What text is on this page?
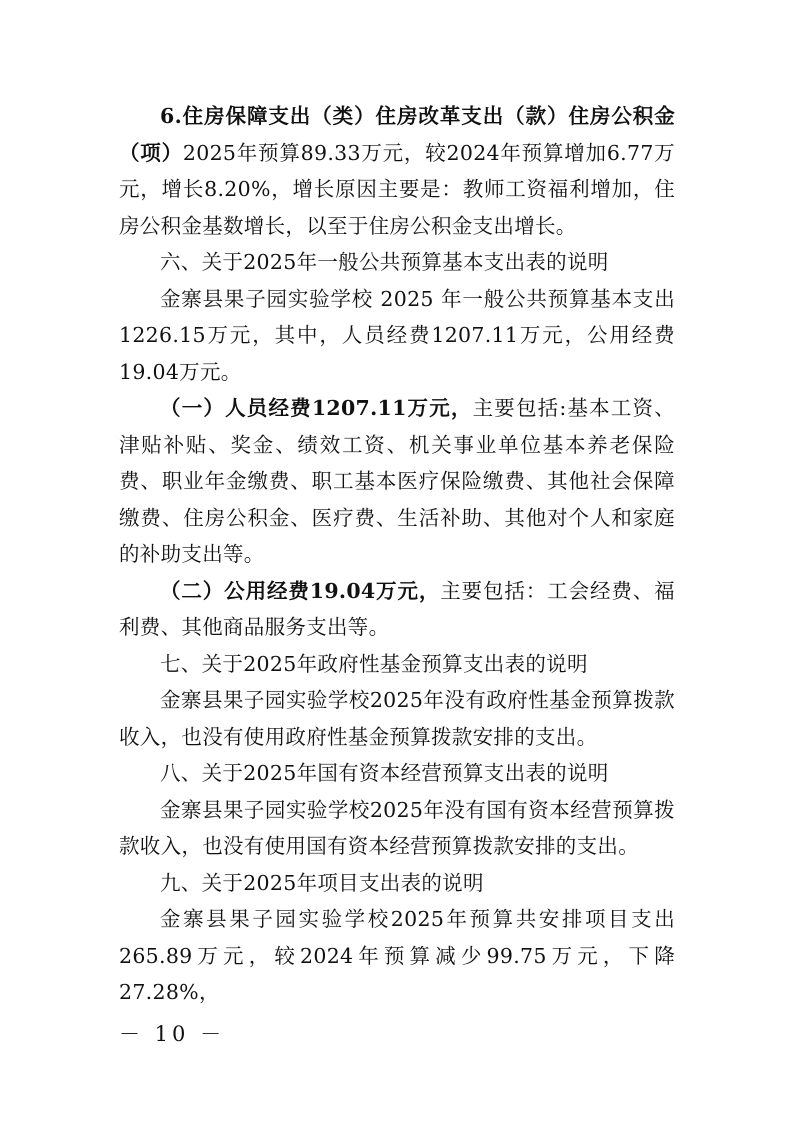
6.住房保障支出（类）住房改革支出（款）住房公积金（项）2025年预算89.33万元，较2024年预算增加6.77万元，增长8.20%，增长原因主要是：教师工资福利增加，住房公积金基数增长，以至于住房公积金支出增长。

六、关于2025年一般公共预算基本支出表的说明

金寨县果子园实验学校 2025 年一般公共预算基本支出1226.15万元，其中，人员经费1207.11万元，公用经费19.04万元。

（一）人员经费1207.11万元，主要包括:基本工资、津贴补贴、奖金、绩效工资、机关事业单位基本养老保险费、职业年金缴费、职工基本医疗保险缴费、其他社会保障缴费、住房公积金、医疗费、生活补助、其他对个人和家庭的补助支出等。

（二）公用经费19.04万元，主要包括：工会经费、福利费、其他商品服务支出等。

七、关于2025年政府性基金预算支出表的说明

金寨县果子园实验学校2025年没有政府性基金预算拨款收入，也没有使用政府性基金预算拨款安排的支出。

八、关于2025年国有资本经营预算支出表的说明

金寨县果子园实验学校2025年没有国有资本经营预算拨款收入，也没有使用国有资本经营预算拨款安排的支出。

九、关于2025年项目支出表的说明

金寨县果子园实验学校2025年预算共安排项目支出265.89万元，较2024年预算减少99.75万元，下降27.28%，

－ 10 －
